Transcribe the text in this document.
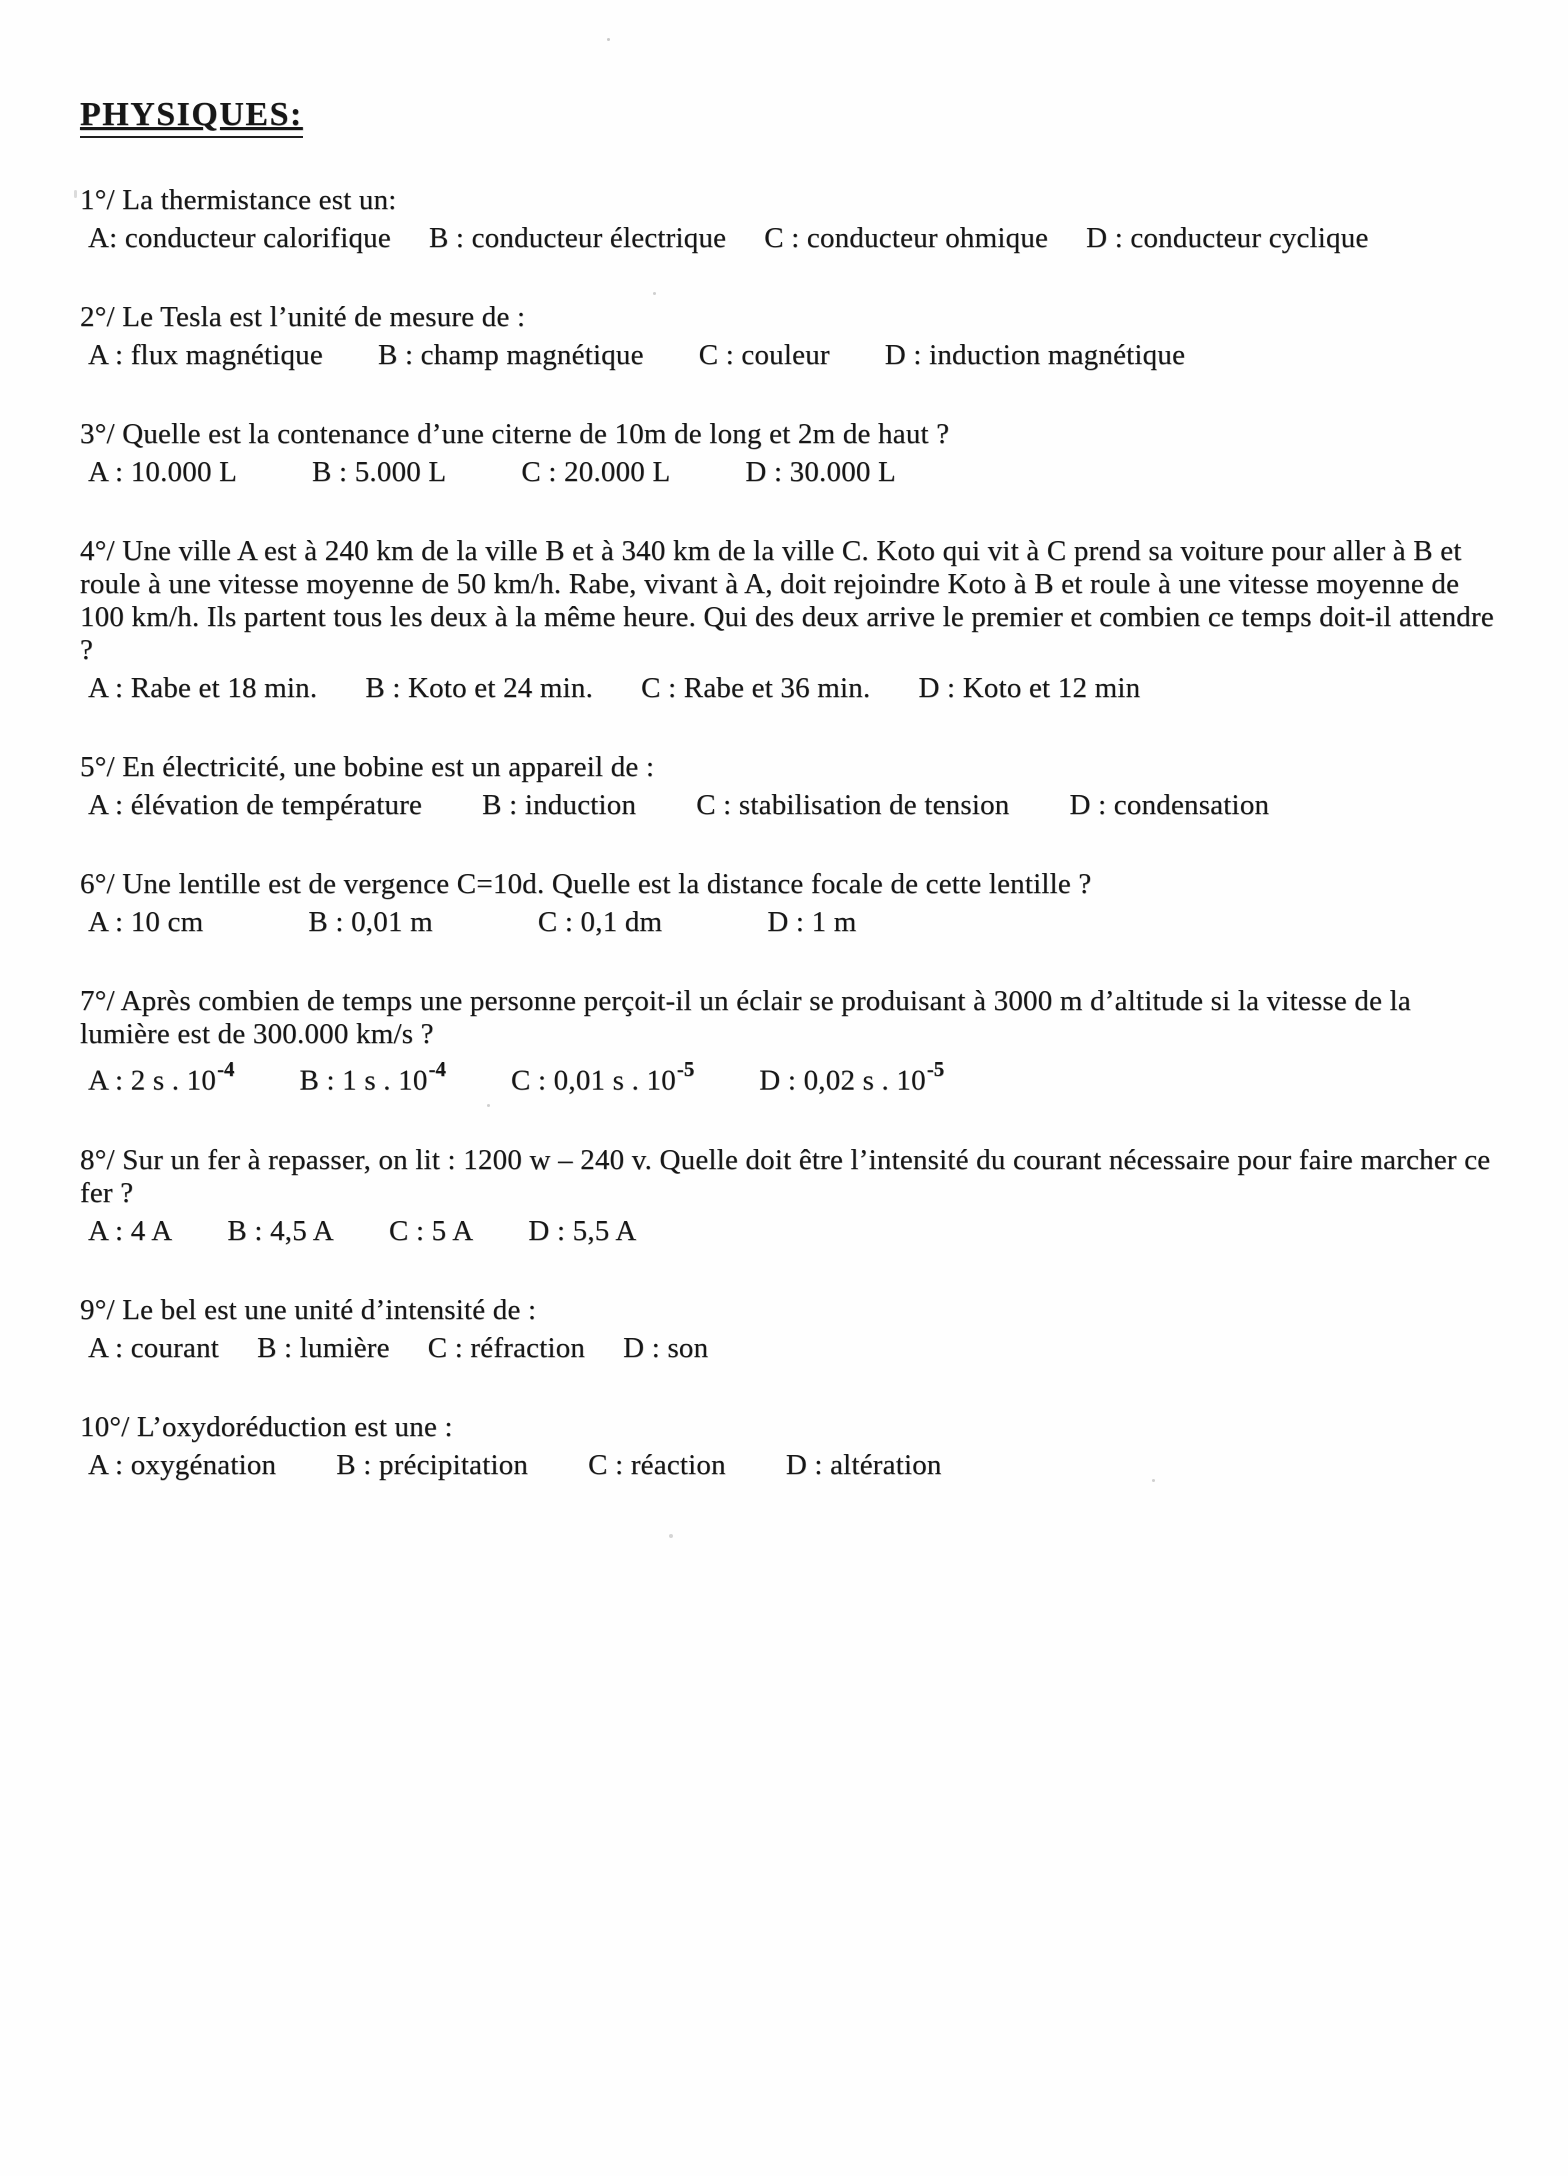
PHYSIQUES:
1°/ La thermistance est un:
A: conducteur calorifique B : conducteur électrique C : conducteur ohmique D : conducteur cyclique
2°/ Le Tesla est l’unité de mesure de :
A : flux magnétique B : champ magnétique C : couleur D : induction magnétique
3°/ Quelle est la contenance d’une citerne de 10m de long et 2m de haut ?
A : 10.000 L	B : 5.000 L	C : 20.000 L	D : 30.000 L
4°/ Une ville A est à 240 km de la ville B et à 340 km de la ville C. Koto qui vit à C prend sa voiture pour aller à B et roule à une vitesse moyenne de 50 km/h. Rabe, vivant à A, doit rejoindre Koto à B et roule à une vitesse moyenne de 100 km/h. Ils partent tous les deux à la même heure. Qui des deux arrive le premier et combien ce temps doit-il attendre ?
A : Rabe et 18 min. B : Koto et 24 min. C : Rabe et 36 min. D : Koto et 12 min
5°/ En électricité, une bobine est un appareil de :
A : élévation de température B : induction C : stabilisation de tension D : condensation
6°/ Une lentille est de vergence C=10d. Quelle est la distance focale de cette lentille ?
A : 10 cm	B : 0,01 m	C : 0,1 dm	D : 1 m
7°/ Après combien de temps une personne perçoit-il un éclair se produisant à 3000 m d’altitude si la vitesse de la lumière est de 300.000 km/s ?
A : 2 s . $10^{-4}$ B : 1 s . $10^{-4}$ C : 0,01 s . $10^{-5}$ D : 0,02 s . $10^{-5}$
8°/ Sur un fer à repasser, on lit : 1200 w – 240 v. Quelle doit être l’intensité du courant nécessaire pour faire marcher ce fer ?
A : 4 A B : 4,5 A C : 5 A D : 5,5 A
9°/ Le bel est une unité d’intensité de :
A : courant B : lumière C : réfraction D : son
10°/ L’oxydoréduction est une :
A : oxygénation B : précipitation C : réaction D : altération
